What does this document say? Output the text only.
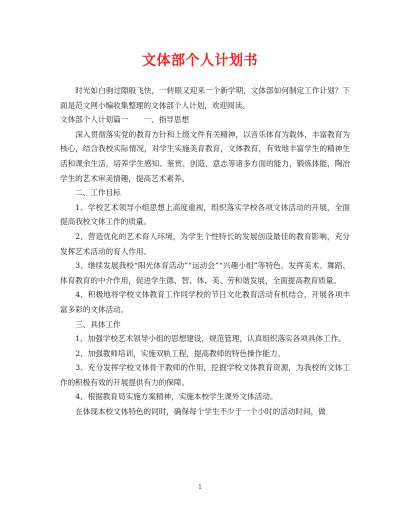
文体部个人计划书

时光如白驹过隙般飞快，一转眼又迎来一个新学期，文体部如何制定工作计划？下面是范文网小编收集整理的文体部个人计划，欢迎阅读。

文体部个人计划篇一　　一、指导思想

深入贯彻落实党的教育方针和上级文件有关精神，以音乐体育为载体，丰富教育为核心，结合我校实际情况，对学生实施美育教育，文体教育，有效地丰富学生的精神生活和课余生活，培养学生感知、鉴赏、创造、意志等诸多方面的能力，锻炼体能，陶冶学生的艺术审美情趣，提高艺术素养。

二、工作目标

1、学校艺术领导小组思想上高度重视，组织落实学校各项文体活动的开展，全面提高我校文体工作的质量。

2、营造优化的艺术育人环境，为学生个性特长的发展创设最佳的教育影响，充分发挥艺术活动的育人作用。

3、继续发展我校“阳光体育活动”“运动会”“兴趣小组”等特色，发挥美术、舞蹈、体育教育的中介作用，促进学生德、智、体、美、劳和谐发展，全面提高教育质量。

4、积极地将学校文体教育工作同学校的节日文化教育活动有机结合，开展各项丰富多彩的文体活动。

三、具体工作

1、加强学校艺术领导小组的思想建设，规范管理，认真组织落实各项具体工作。

2、加强教师培训，实施双轨工程，提高教师的特色操作能力。

3、充分发挥学校文体骨干教师的作用，挖掘学校文体教育资源，为我校的文体工作的积极有效的开展提供有力的保障。

4、根据教育局实施方案精神，实施本校学生课外文体活动。

在体现本校文体特色的同时，确保每个学生不少于一个小时的活动时间，做

1
